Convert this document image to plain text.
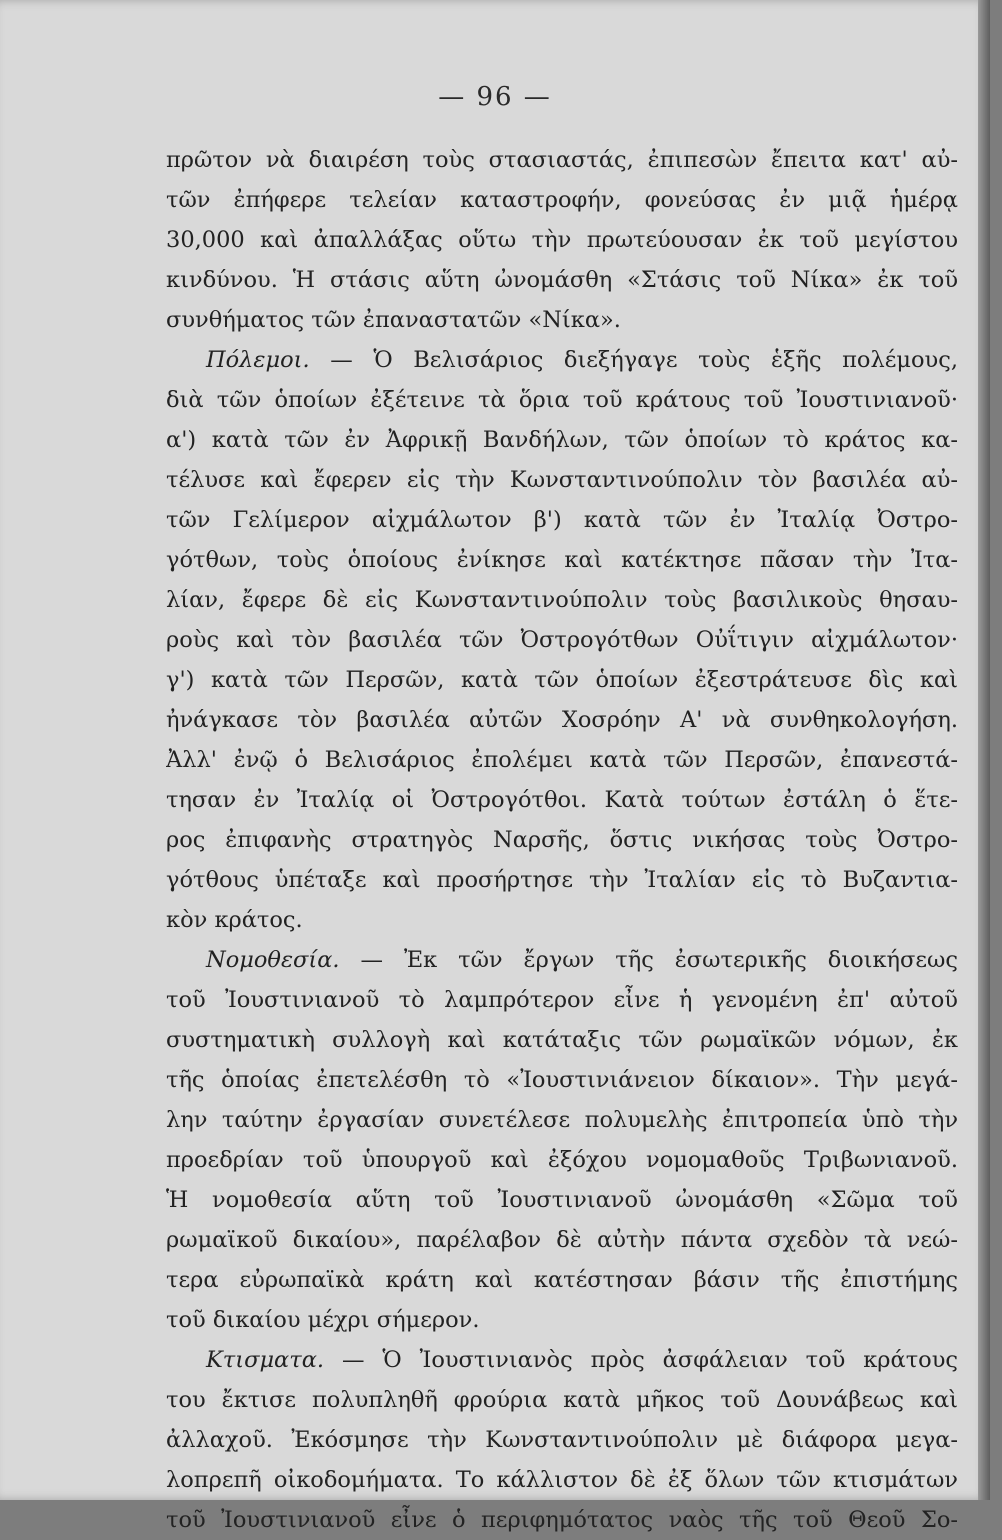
— 96 —
πρῶτον νὰ διαιρέση τοὺς στασιαστάς, ἐπιπεσὼν ἔπειτα κατ' αὐ-
τῶν ἐπήφερε τελείαν καταστροφήν, φονεύσας ἐν μιᾷ ἡμέρᾳ
30,000 καὶ ἀπαλλάξας οὕτω τὴν πρωτεύουσαν ἐκ τοῦ μεγίστου
κινδύνου. Ἡ στάσις αὕτη ὠνομάσθη «Στάσις τοῦ Νίκα» ἐκ τοῦ
συνθήματος τῶν ἐπαναστατῶν «Νίκα».
Πόλεμοι. — Ὁ Βελισάριος διεξήγαγε τοὺς ἑξῆς πολέμους,
διὰ τῶν ὁποίων ἐξέτεινε τὰ ὅρια τοῦ κράτους τοῦ Ἰουστινιανοῦ·
α') κατὰ τῶν ἐν Ἀφρικῇ Βανδήλων, τῶν ὁποίων τὸ κράτος κα-
τέλυσε καὶ ἔφερεν εἰς τὴν Κωνσταντινούπολιν τὸν βασιλέα αὐ-
τῶν Γελίμερον αἰχμάλωτον β') κατὰ τῶν ἐν Ἰταλίᾳ Ὀστρο-
γότθων, τοὺς ὁποίους ἐνίκησε καὶ κατέκτησε πᾶσαν τὴν Ἰτα-
λίαν, ἔφερε δὲ εἰς Κωνσταντινούπολιν τοὺς βασιλικοὺς θησαυ-
ροὺς καὶ τὸν βασιλέα τῶν Ὀστρογότθων Οὐΐτιγιν αἰχμάλωτον·
γ') κατὰ τῶν Περσῶν, κατὰ τῶν ὁποίων ἐξεστράτευσε δὶς καὶ
ἠνάγκασε τὸν βασιλέα αὐτῶν Χοσρόην Α' νὰ συνθηκολογήση.
Ἀλλ' ἐνῷ ὁ Βελισάριος ἐπολέμει κατὰ τῶν Περσῶν, ἐπανεστά-
τησαν ἐν Ἰταλίᾳ οἱ Ὀστρογότθοι. Κατὰ τούτων ἐστάλη ὁ ἕτε-
ρος ἐπιφανὴς στρατηγὸς Ναρσῆς, ὅστις νικήσας τοὺς Ὀστρο-
γότθους ὑπέταξε καὶ προσήρτησε τὴν Ἰταλίαν εἰς τὸ Βυζαντια-
κὸν κράτος.
Νομοθεσία. — Ἐκ τῶν ἔργων τῆς ἐσωτερικῆς διοικήσεως
τοῦ Ἰουστινιανοῦ τὸ λαμπρότερον εἶνε ἡ γενομένη ἐπ' αὐτοῦ
συστηματικὴ συλλογὴ καὶ κατάταξις τῶν ρωμαϊκῶν νόμων, ἐκ
τῆς ὁποίας ἐπετελέσθη τὸ «Ἰουστινιάνειον δίκαιον». Τὴν μεγά-
λην ταύτην ἐργασίαν συνετέλεσε πολυμελὴς ἐπιτροπεία ὑπὸ τὴν
προεδρίαν τοῦ ὑπουργοῦ καὶ ἐξόχου νομομαθοῦς Τριβωνιανοῦ.
Ἡ νομοθεσία αὕτη τοῦ Ἰουστινιανοῦ ὠνομάσθη «Σῶμα τοῦ
ρωμαϊκοῦ δικαίου», παρέλαβον δὲ αὐτὴν πάντα σχεδὸν τὰ νεώ-
τερα εὐρωπαϊκὰ κράτη καὶ κατέστησαν βάσιν τῆς ἐπιστήμης
τοῦ δικαίου μέχρι σήμερον.
Κτισματα. — Ὁ Ἰουστινιανὸς πρὸς ἀσφάλειαν τοῦ κράτους
του ἔκτισε πολυπληθῆ φρούρια κατὰ μῆκος τοῦ Δουνάβεως καὶ
ἀλλαχοῦ. Ἐκόσμησε τὴν Κωνσταντινούπολιν μὲ διάφορα μεγα-
λοπρεπῆ οἰκοδομήματα. Το κάλλιστον δὲ ἐξ ὅλων τῶν κτισμάτων
τοῦ Ἰουστινιανοῦ εἶνε ὁ περιφημότατος ναὸς τῆς τοῦ Θεοῦ Σο-
